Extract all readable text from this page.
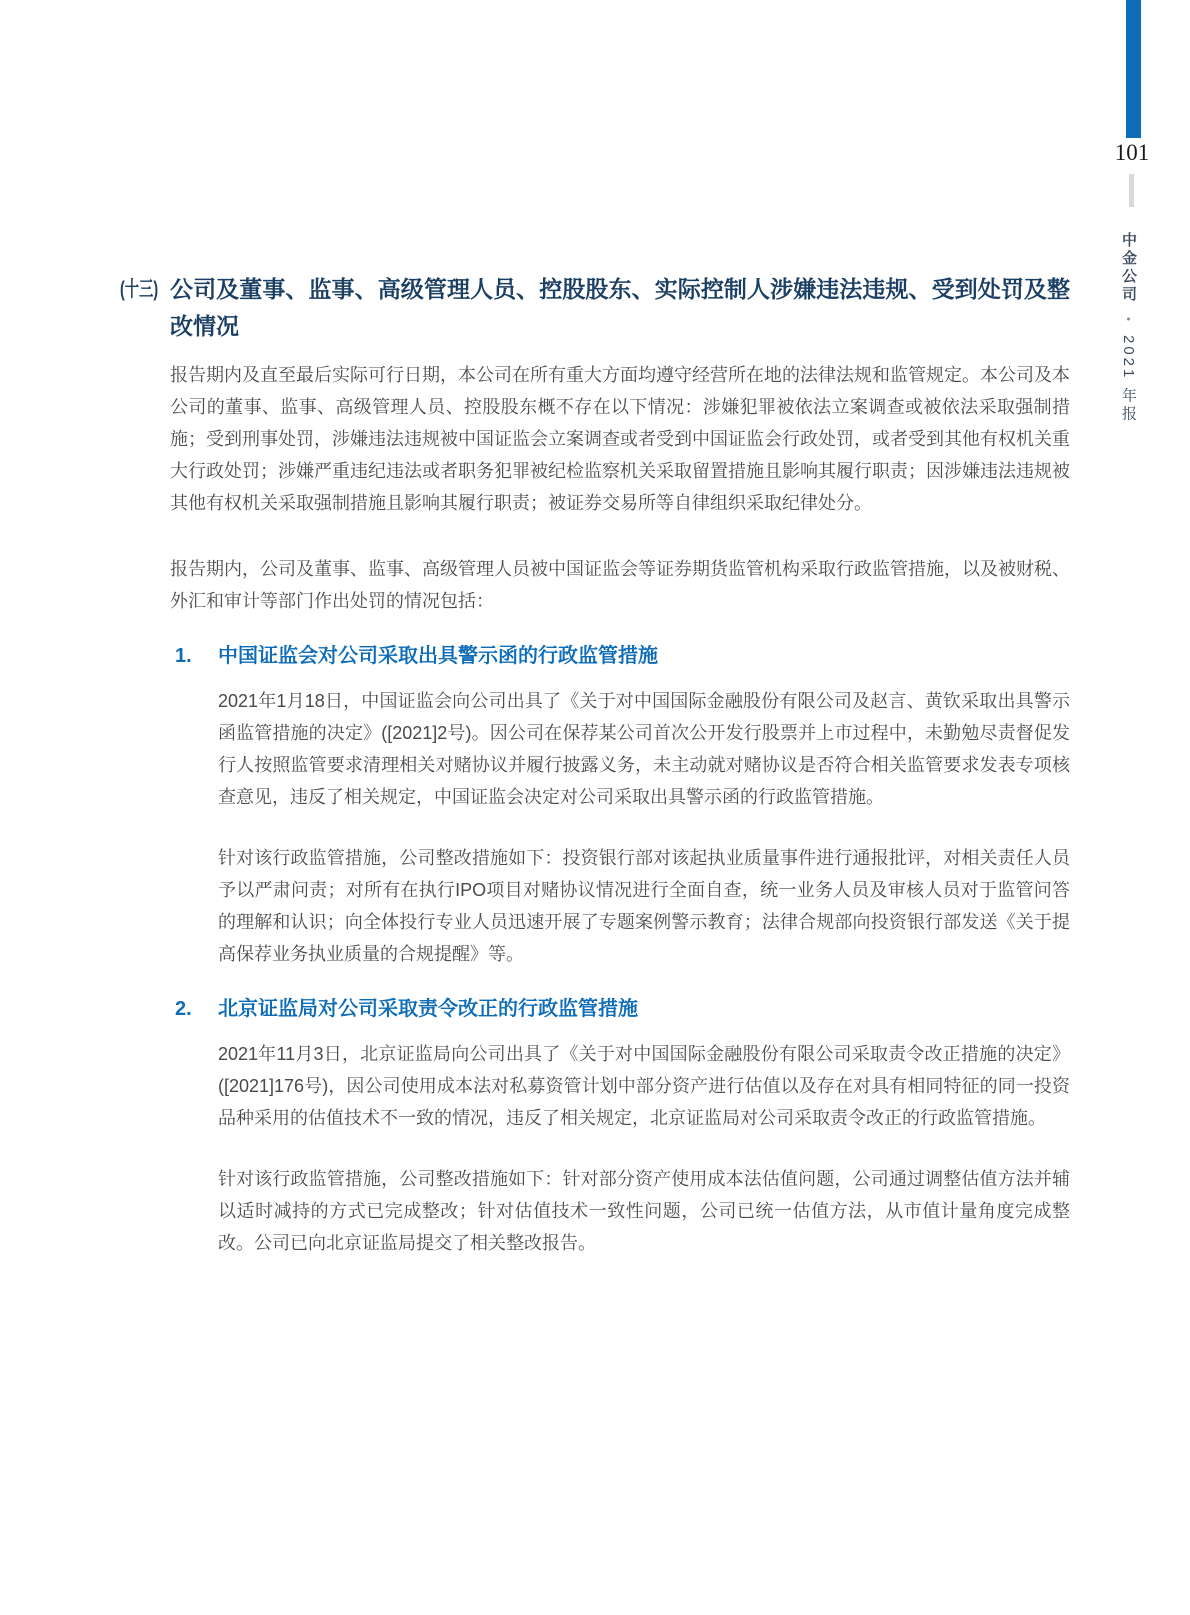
101
中金公司●2021 年报
(十三) 公司及董事、监事、高级管理人员、控股股东、实际控制人涉嫌违法违规、受到处罚及整改情况

报告期内及直至最后实际可行日期，本公司在所有重大方面均遵守经营所在地的法律法规和监管规定。本公司及本公司的董事、监事、高级管理人员、控股股东概不存在以下情况：涉嫌犯罪被依法立案调查或被依法采取强制措施；受到刑事处罚，涉嫌违法违规被中国证监会立案调查或者受到中国证监会行政处罚，或者受到其他有权机关重大行政处罚；涉嫌严重违纪违法或者职务犯罪被纪检监察机关采取留置措施且影响其履行职责；因涉嫌违法违规被其他有权机关采取强制措施且影响其履行职责；被证券交易所等自律组织采取纪律处分。

报告期内，公司及董事、监事、高级管理人员被中国证监会等证券期货监管机构采取行政监管措施，以及被财税、外汇和审计等部门作出处罚的情况包括：

1.	中国证监会对公司采取出具警示函的行政监管措施

2021年1月18日，中国证监会向公司出具了《关于对中国国际金融股份有限公司及赵言、黄钦采取出具警示函监管措施的决定》([2021]2号)。因公司在保荐某公司首次公开发行股票并上市过程中，未勤勉尽责督促发行人按照监管要求清理相关对赌协议并履行披露义务，未主动就对赌协议是否符合相关监管要求发表专项核查意见，违反了相关规定，中国证监会决定对公司采取出具警示函的行政监管措施。

针对该行政监管措施，公司整改措施如下：投资银行部对该起执业质量事件进行通报批评，对相关责任人员予以严肃问责；对所有在执行IPO项目对赌协议情况进行全面自查，统一业务人员及审核人员对于监管问答的理解和认识；向全体投行专业人员迅速开展了专题案例警示教育；法律合规部向投资银行部发送《关于提高保荐业务执业质量的合规提醒》等。

2.	北京证监局对公司采取责令改正的行政监管措施

2021年11月3日，北京证监局向公司出具了《关于对中国国际金融股份有限公司采取责令改正措施的决定》([2021]176号)，因公司使用成本法对私募资管计划中部分资产进行估值以及存在对具有相同特征的同一投资品种采用的估值技术不一致的情况，违反了相关规定，北京证监局对公司采取责令改正的行政监管措施。

针对该行政监管措施，公司整改措施如下：针对部分资产使用成本法估值问题，公司通过调整估值方法并辅以适时减持的方式已完成整改；针对估值技术一致性问题，公司已统一估值方法，从市值计量角度完成整改。公司已向北京证监局提交了相关整改报告。
